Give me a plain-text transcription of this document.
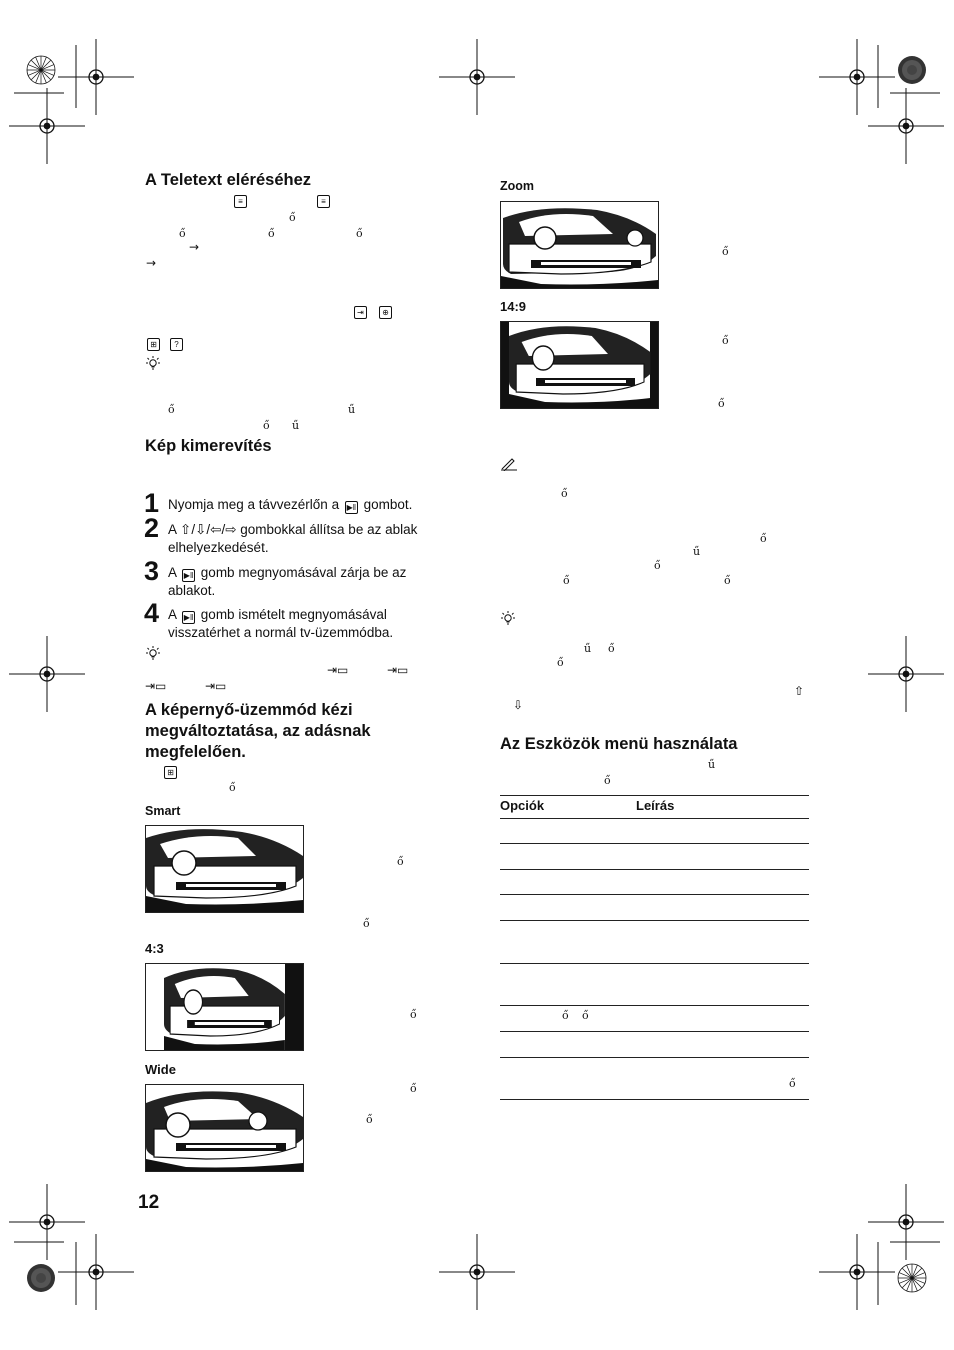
A Teletext eléréséhez
≡	≡
ő
ő	ő	ő
→
→
⇥	⊕
⊞	?
ő	ű
ő ű
Kép kimerevítés
1 Nyomja meg a távvezérlőn a ▶‖ gombot.
2 A ⇧/⇩/⇦/⇨ gombokkal állítsa be az ablak
elhelyezkedését.
3 A ▶‖ gomb megnyomásával zárja be az
ablakot.
4 A ▶‖ gomb ismételt megnyomásával
visszatérhet a normál tv-üzemmódba.
⇥▭	⇥▭
⇥▭	⇥▭
A képernyő-üzemmód kézi
megváltoztatása, az adásnak
megfelelően.
⊞
ő
Smart
ő
ő
4:3
ő
Wide
ő
ő
12
Zoom
ő
14:9
ő
ő
ő
ő
ű
ő
ő	ő
ű ő
ő
⇧
⇩
Az Eszközök menü használata
ű
ő
Opciók	Leírás
ő ő
ő
